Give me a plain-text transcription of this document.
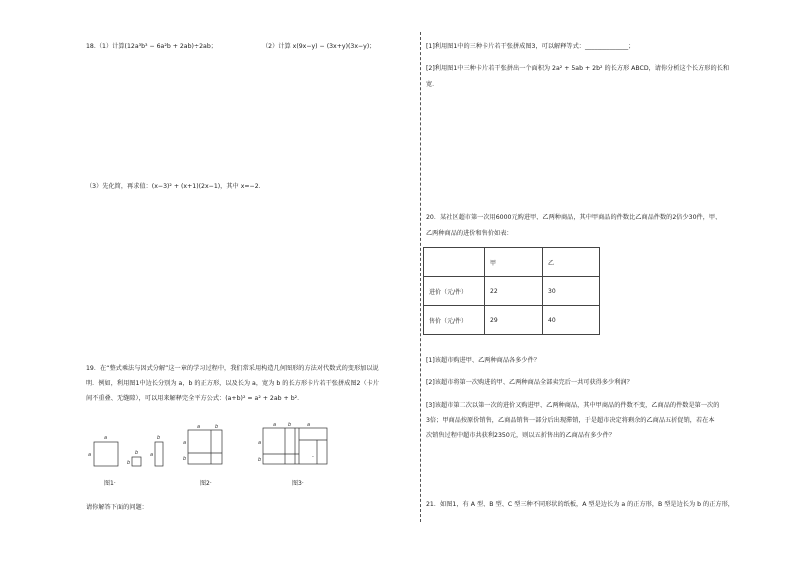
18.（1）计算(12a³b³ − 6a²b + 2ab)÷2ab；	（2）计算 x(9x−y) − (3x+y)(3x−y)；
（3）先化简，再求值：(x−3)² + (x+1)(2x−1)，其中 x=−2．
19．在“整式乘法与因式分解”这一章的学习过程中，我们常采用构造几何图形的方法对代数式的变形加以说
明．例如，利用图1中边长分别为 a，b 的正方形，以及长为 a，宽为 b 的长方形卡片若干张拼成图2（卡片
间不重叠、无缝隙），可以用来解释完全平方公式：(a+b)² = a² + 2ab + b²．
a
a	b
b
b
a
图1·
a	b
a
b
图2·
a b	a
a
b	-
图3·
请你解答下面的问题：
[1]利用图1中的三种卡片若干张拼成图3，可以解释等式：______________；
[2]利用图1中三种卡片若干张拼出一个面积为 2a² + 5ab + 2b² 的长方形 ABCD，请你分析这个长方形的长和
宽．
20．某社区超市第一次用6000元购进甲、乙两种商品，其中甲商品的件数比乙商品件数的2倍少30件，甲、
乙两种商品的进价和售价如表：
	甲	乙
进价（元/件）	22	30
售价（元/件）	29	40
[1]该超市购进甲、乙两种商品各多少件？
[2]该超市将第一次购进的甲、乙两种商品全部卖完后一共可获得多少利润？
[3]该超市第二次以第一次的进价又购进甲、乙两种商品，其中甲商品的件数不变，乙商品的件数是第一次的
3倍；甲商品按原价销售，乙商品销售一部分后出现滞销，于是超市决定将剩余的乙商品五折促销，若在本
次销售过程中超市共获利2350元，则以五折售出的乙商品有多少件？
21．如图1，有 A 型、B 型、C 型三种不同形状的纸板，A 型是边长为 a 的正方形，B 型是边长为 b 的正方形，
